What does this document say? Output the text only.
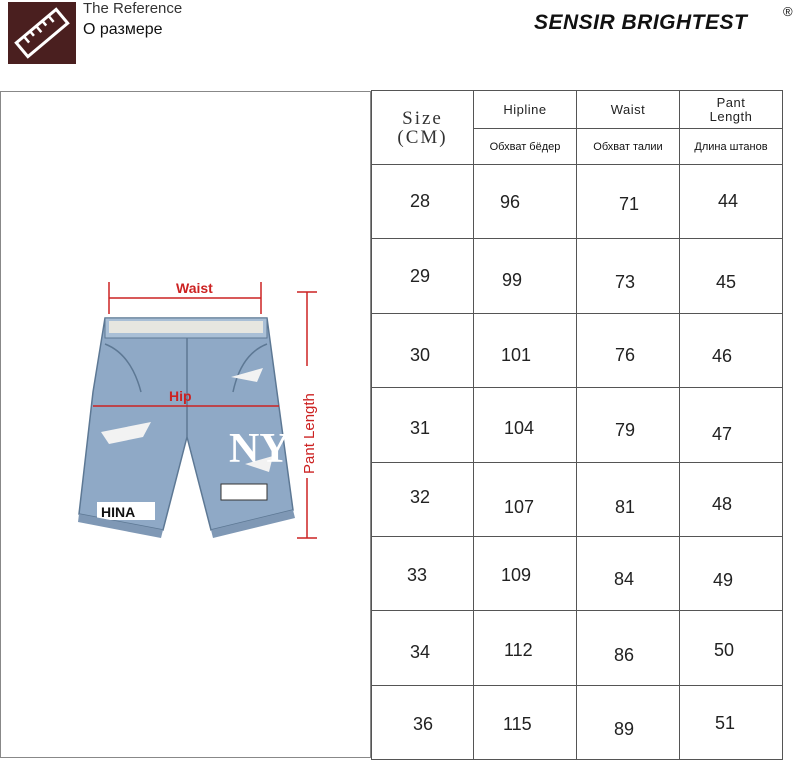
The Reference
О размере	SENSIR BRIGHTEST	®
NY
HINA
Waist
Hip	Pant Length
Size
(CM)	Hipline	Waist	Pant Length

	Обхват бёдер	Обхват талии	Длина штанов

28	96	71	44

29	99	73	45

30	101	76	46

31	104	79	47

32	107	81	48

33	109	84	49

34	112	86	50

36	115	89	51
